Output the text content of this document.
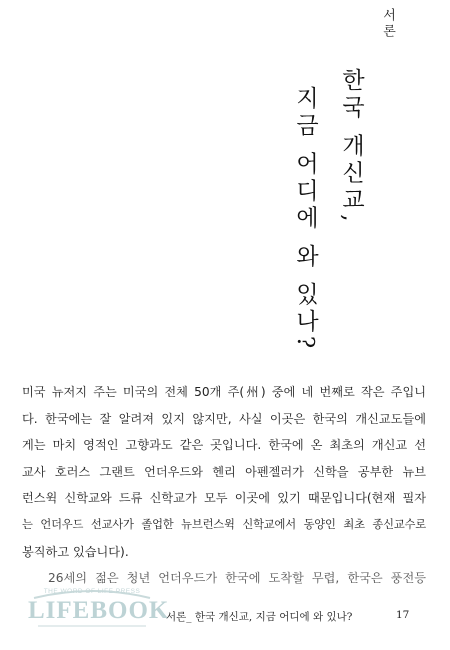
서론
한국 개신교,
지금 어디에 와 있나?
미국 뉴저지 주는 미국의 전체 50개 주(州) 중에 네 번째로 작은 주입니
다. 한국에는 잘 알려져 있지 않지만, 사실 이곳은 한국의 개신교도들에
게는 마치 영적인 고향과도 같은 곳입니다. 한국에 온 최초의 개신교 선
교사 호러스 그랜트 언더우드와 헨리 아펜젤러가 신학을 공부한 뉴브
런스윅 신학교와 드류 신학교가 모두 이곳에 있기 때문입니다(현재 필자
는 언더우드 선교사가 졸업한 뉴브런스윅 신학교에서 동양인 최초 종신교수로
봉직하고 있습니다).
26세의 젊은 청년 언더우드가 한국에 도착할 무렵, 한국은 풍전등
THE WORD OF LIFE PRESS
LIFEBOOK
서론_ 한국 개신교, 지금 어디에 와 있나?	17
